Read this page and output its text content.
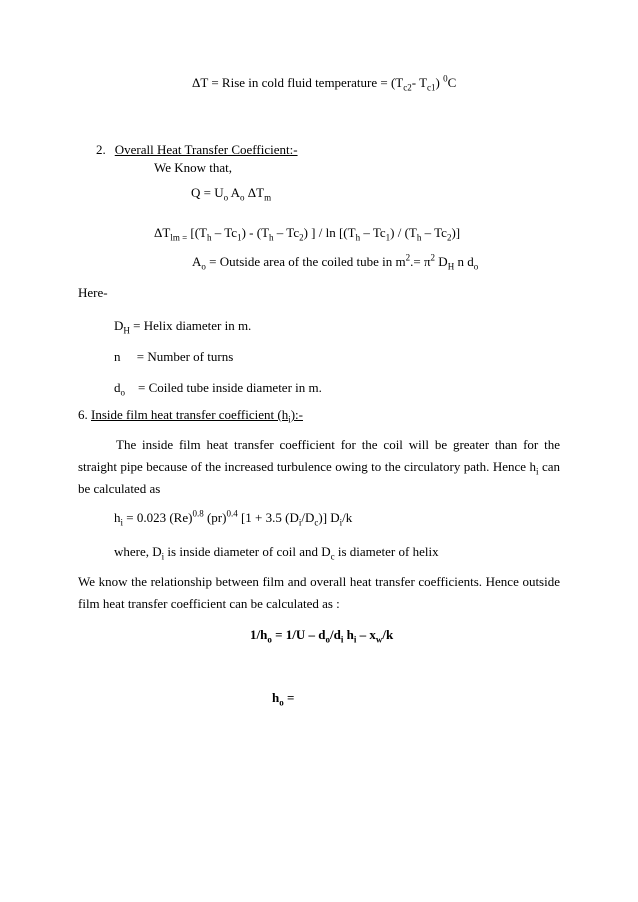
ΔT = Rise in cold fluid temperature = ($T_{c2}-$ $T_{c1}$) $^0$C
2. Overall Heat Transfer Coefficient:-
We Know that,
$Q = U_o$ $A_o$ $\Delta T_m$
$\Delta T_{lm =}$ [$(T_h - Tc_1) - (T_h - Tc_2)$ ] / $\ln [(T_h - Tc_1) / (T_h - Tc_2)]$
$A_o$ = Outside area of the coiled tube in $m^2.= \pi^2$ $D_H$ n $d_o$
Here-
$D_H$ = Helix diameter in m.
n     = Number of turns
$d_o$    = Coiled tube inside diameter in m.
6. Inside film heat transfer coefficient $(h_i):-$
The inside film heat transfer coefficient for the coil will be greater than for the straight pipe because of the increased turbulence owing to the circulatory path. Hence $h_i$ can be calculated as
$h_i = 0.023$ $(Re)^{0.8}$ (pr)$^{0.4}$ [1 + 3.5 $(D_i/D_c)$] $D_i/k$
where, $D_i$ is inside diameter of coil and $D_c$ is diameter of helix
We know the relationship between film and overall heat transfer coefficients. Hence outside film heat transfer coefficient can be calculated as :
$1/h_o = 1/U - d_o/d_i$ $h_i - x_w/k$
$h_o$ =
